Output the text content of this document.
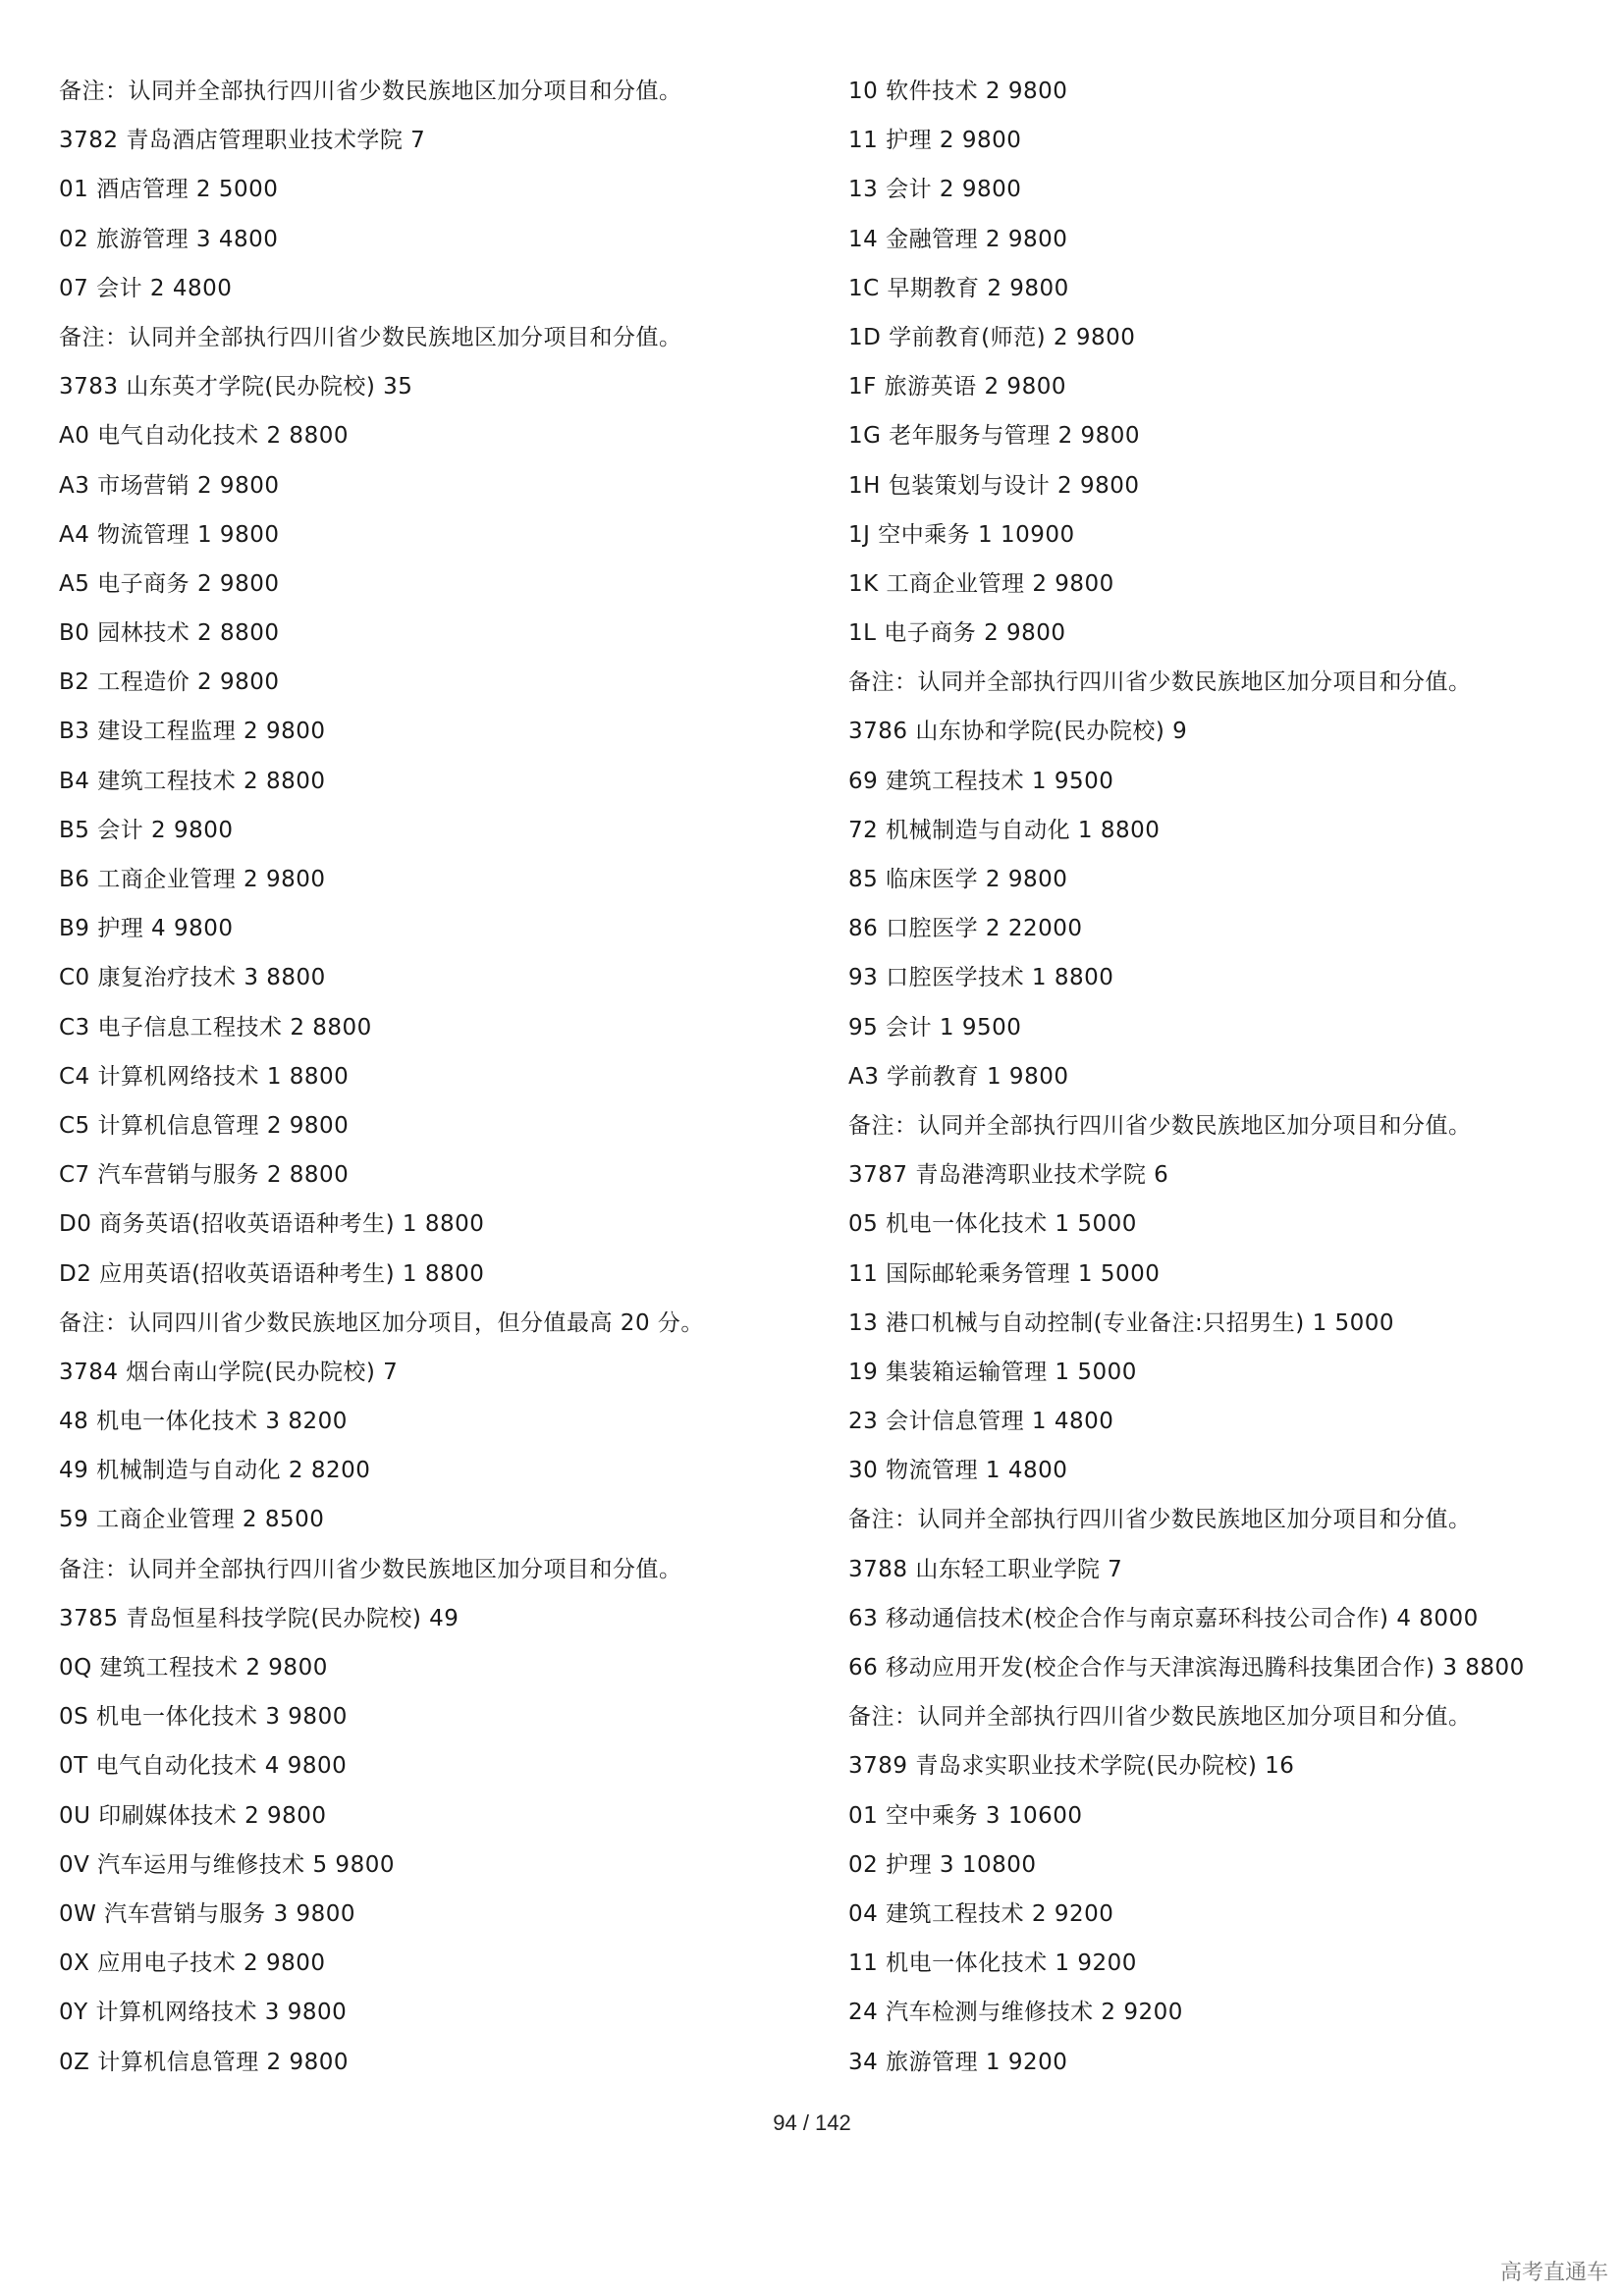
备注：认同并全部执行四川省少数民族地区加分项目和分值。
3782 青岛酒店管理职业技术学院 7
01 酒店管理 2 5000
02 旅游管理 3 4800
07 会计 2 4800
备注：认同并全部执行四川省少数民族地区加分项目和分值。
3783 山东英才学院(民办院校) 35
A0 电气自动化技术 2 8800
A3 市场营销 2 9800
A4 物流管理 1 9800
A5 电子商务 2 9800
B0 园林技术 2 8800
B2 工程造价 2 9800
B3 建设工程监理 2 9800
B4 建筑工程技术 2 8800
B5 会计 2 9800
B6 工商企业管理 2 9800
B9 护理 4 9800
C0 康复治疗技术 3 8800
C3 电子信息工程技术 2 8800
C4 计算机网络技术 1 8800
C5 计算机信息管理 2 9800
C7 汽车营销与服务 2 8800
D0 商务英语(招收英语语种考生) 1 8800
D2 应用英语(招收英语语种考生) 1 8800
备注：认同四川省少数民族地区加分项目，但分值最高 20 分。
3784 烟台南山学院(民办院校) 7
48 机电一体化技术 3 8200
49 机械制造与自动化 2 8200
59 工商企业管理 2 8500
备注：认同并全部执行四川省少数民族地区加分项目和分值。
3785 青岛恒星科技学院(民办院校) 49
0Q 建筑工程技术 2 9800
0S 机电一体化技术 3 9800
0T 电气自动化技术 4 9800
0U 印刷媒体技术 2 9800
0V 汽车运用与维修技术 5 9800
0W 汽车营销与服务 3 9800
0X 应用电子技术 2 9800
0Y 计算机网络技术 3 9800
0Z 计算机信息管理 2 9800
10 软件技术 2 9800
11 护理 2 9800
13 会计 2 9800
14 金融管理 2 9800
1C 早期教育 2 9800
1D 学前教育(师范) 2 9800
1F 旅游英语 2 9800
1G 老年服务与管理 2 9800
1H 包装策划与设计 2 9800
1J 空中乘务 1 10900
1K 工商企业管理 2 9800
1L 电子商务 2 9800
备注：认同并全部执行四川省少数民族地区加分项目和分值。
3786 山东协和学院(民办院校) 9
69 建筑工程技术 1 9500
72 机械制造与自动化 1 8800
85 临床医学 2 9800
86 口腔医学 2 22000
93 口腔医学技术 1 8800
95 会计 1 9500
A3 学前教育 1 9800
备注：认同并全部执行四川省少数民族地区加分项目和分值。
3787 青岛港湾职业技术学院 6
05 机电一体化技术 1 5000
11 国际邮轮乘务管理 1 5000
13 港口机械与自动控制(专业备注:只招男生) 1 5000
19 集装箱运输管理 1 5000
23 会计信息管理 1 4800
30 物流管理 1 4800
备注：认同并全部执行四川省少数民族地区加分项目和分值。
3788 山东轻工职业学院 7
63 移动通信技术(校企合作与南京嘉环科技公司合作) 4 8000
66 移动应用开发(校企合作与天津滨海迅腾科技集团合作) 3 8800
备注：认同并全部执行四川省少数民族地区加分项目和分值。
3789 青岛求实职业技术学院(民办院校) 16
01 空中乘务 3 10600
02 护理 3 10800
04 建筑工程技术 2 9200
11 机电一体化技术 1 9200
24 汽车检测与维修技术 2 9200
34 旅游管理 1 9200
94 / 142
高考直通车
